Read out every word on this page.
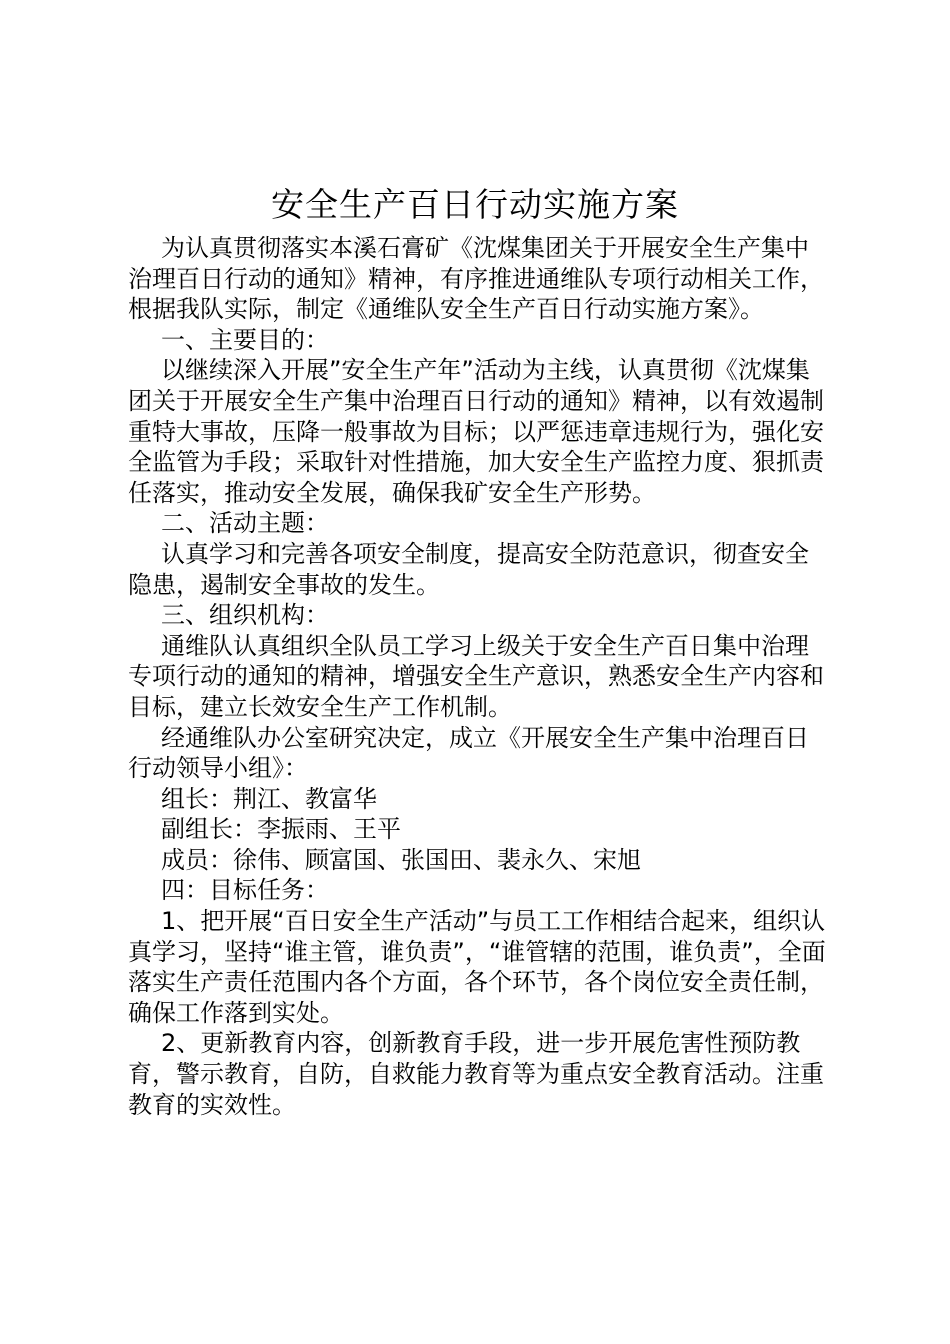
安全生产百日行动实施方案

为认真贯彻落实本溪石膏矿《沈煤集团关于开展安全生产集中治理百日行动的通知》精神，有序推进通维队专项行动相关工作，根据我队实际，制定《通维队安全生产百日行动实施方案》。

一、主要目的：

以继续深入开展”安全生产年”活动为主线，认真贯彻《沈煤集团关于开展安全生产集中治理百日行动的通知》精神，以有效遏制重特大事故，压降一般事故为目标；以严惩违章违规行为，强化安全监管为手段；采取针对性措施，加大安全生产监控力度、狠抓责任落实，推动安全发展，确保我矿安全生产形势。

二、活动主题：

认真学习和完善各项安全制度，提高安全防范意识，彻查安全隐患，遏制安全事故的发生。

三、组织机构：

通维队认真组织全队员工学习上级关于安全生产百日集中治理专项行动的通知的精神，增强安全生产意识，熟悉安全生产内容和目标，建立长效安全生产工作机制。

经通维队办公室研究决定，成立《开展安全生产集中治理百日行动领导小组》：

组长：荆江、教富华

副组长：李振雨、王平

成员：徐伟、顾富国、张国田、裴永久、宋旭

四：目标任务：

1、把开展“百日安全生产活动”与员工工作相结合起来，组织认真学习，坚持“谁主管，谁负责”，“谁管辖的范围，谁负责”，全面落实生产责任范围内各个方面，各个环节，各个岗位安全责任制，确保工作落到实处。

2、更新教育内容，创新教育手段，进一步开展危害性预防教育，警示教育，自防，自救能力教育等为重点安全教育活动。注重教育的实效性。
